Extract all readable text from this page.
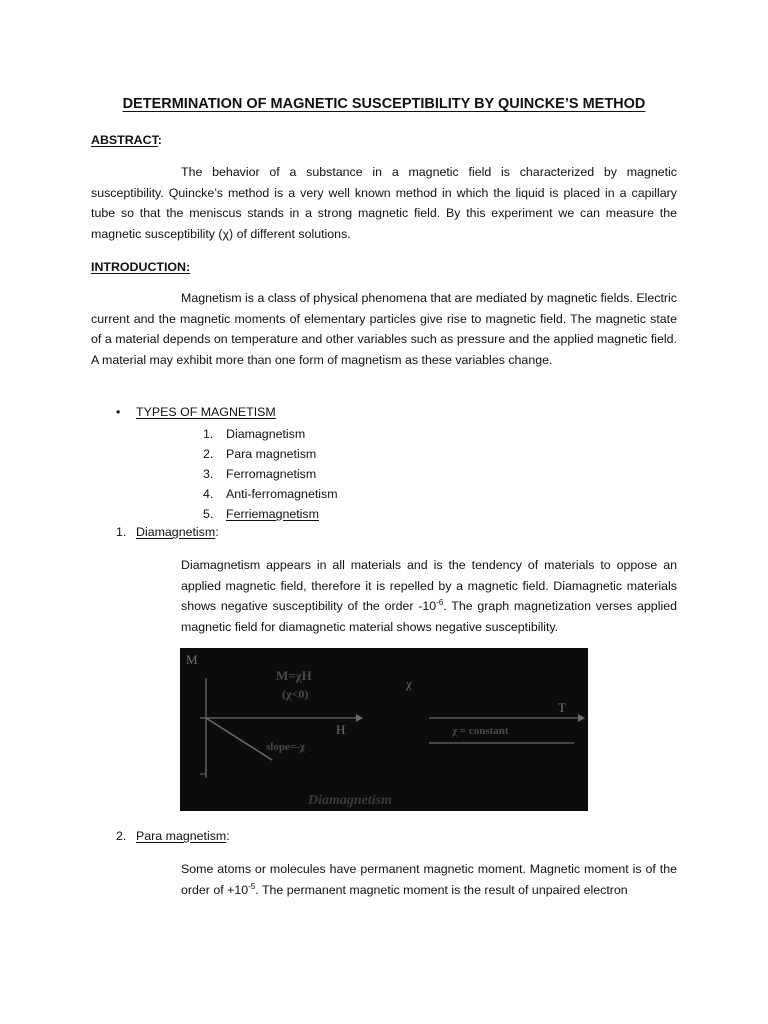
DETERMINATION OF MAGNETIC SUSCEPTIBILITY BY QUINCKE’S METHOD
ABSTRACT:

The behavior of a substance in a magnetic field is characterized by magnetic susceptibility. Quincke’s method is a very well known method in which the liquid is placed in a capillary tube so that the meniscus stands in a strong magnetic field. By this experiment we can measure the magnetic susceptibility (χ) of different solutions.

INTRODUCTION:

Magnetism is a class of physical phenomena that are mediated by magnetic fields. Electric current and the magnetic moments of elementary particles give rise to magnetic field. The magnetic state of a material depends on temperature and other variables such as pressure and the applied magnetic field. A material may exhibit more than one form of magnetism as these variables change.

• TYPES OF MAGNETISM
1. Diamagnetism
2. Para magnetism
3. Ferromagnetism
4. Anti-ferromagnetism
5. Ferriemagnetism
1. Diamagnetism:

Diamagnetism appears in all materials and is the tendency of materials to oppose an applied magnetic field, therefore it is repelled by a magnetic field. Diamagnetic materials shows negative susceptibility of the order $-10^{-6}$. The graph magnetization verses applied magnetic field for diamagnetic material shows negative susceptibility.

M
M=χH
(χ<0)
H
slope=-χ
χ
T
χ = constant
Diamagnetism
2. Para magnetism:

Some atoms or molecules have permanent magnetic moment. Magnetic moment is of the order of $+10^{-5}$. The permanent magnetic moment is the result of unpaired electron
